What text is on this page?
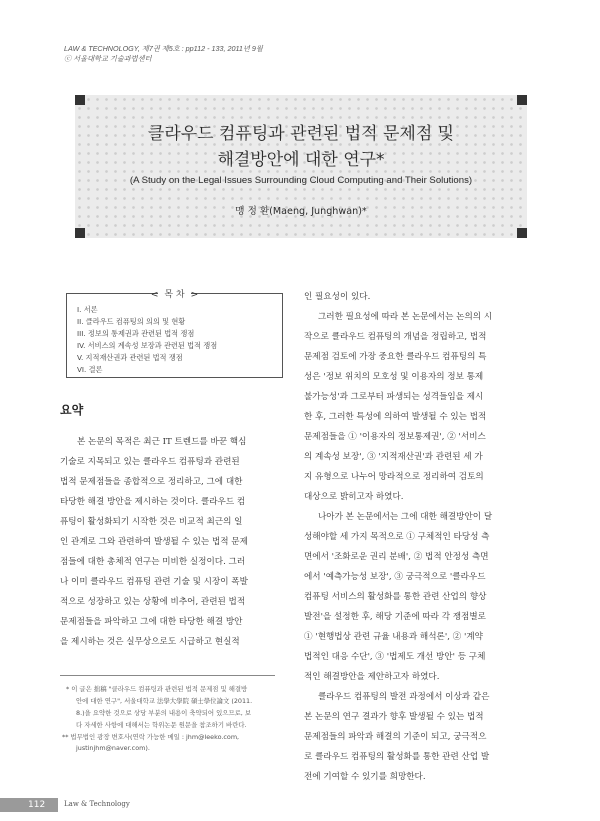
LAW & TECHNOLOGY, 제7권 제5호 : pp112 - 133, 2011년 9월
ⓒ 서울대학교 기술과법센터
클라우드 컴퓨팅과 관련된 법적 문제점 및
해결방안에 대한 연구*
(A Study on the Legal Issues Surrounding Cloud Computing and Their Solutions)
맹 정 환(Maeng, Junghwan)*
< 목 차 >
I. 서론
II. 클라우드 컴퓨팅의 의의 및 현황
III. 정보의 통제권과 관련된 법적 쟁점
IV. 서비스의 계속성 보장과 관련된 법적 쟁점
V. 지적재산권과 관련된 법적 쟁점
VI. 결론
요약
본 논문의 목적은 최근 IT 트렌드를 바꾼 핵심
기술로 지목되고 있는 클라우드 컴퓨팅과 관련된
법적 문제점들을 종합적으로 정리하고, 그에 대한
타당한 해결 방안을 제시하는 것이다. 클라우드 컴
퓨팅이 활성화되기 시작한 것은 비교적 최근의 일
인 관계로 그와 관련하여 발생될 수 있는 법적 문제
점들에 대한 총체적 연구는 미비한 실정이다. 그러
나 이미 클라우드 컴퓨팅 관련 기술 및 시장이 폭발
적으로 성장하고 있는 상황에 비추어, 관련된 법적
문제점들을 파악하고 그에 대한 타당한 해결 방안
을 제시하는 것은 실무상으로도 시급하고 현실적
인 필요성이 있다.
그러한 필요성에 따라 본 논문에서는 논의의 시
작으로 클라우드 컴퓨팅의 개념을 정립하고, 법적
문제점 검토에 가장 중요한 클라우드 컴퓨팅의 특
성은 '정보 위치의 모호성 및 이용자의 정보 통제
불가능성'과 그로부터 파생되는 성격들임을 제시
한 후, 그러한 특성에 의하여 발생될 수 있는 법적
문제점들을 ① '이용자의 정보통제권', ② '서비스
의 계속성 보장', ③ '지적재산권'과 관련된 세 가
지 유형으로 나누어 망라적으로 정리하여 검토의
대상으로 밝히고자 하였다.
나아가 본 논문에서는 그에 대한 해결방안이 달
성해야할 세 가지 목적으로 ① 구체적인 타당성 측
면에서 '조화로운 권리 분배', ② 법적 안정성 측면
에서 '예측가능성 보장', ③ 궁극적으로 '클라우드
컴퓨팅 서비스의 활성화를 통한 관련 산업의 향상
발전'을 설정한 후, 해당 기준에 따라 각 쟁점별로
① '현행법상 관련 규율 내용과 해석론', ② '계약
법적인 대응 수단', ③ '법제도 개선 방안' 등 구체
적인 해결방안을 제안하고자 하였다.
클라우드 컴퓨팅의 발전 과정에서 이상과 같은
본 논문의 연구 결과가 향후 발생될 수 있는 법적
문제점들의 파악과 해결의 기준이 되고, 궁극적으
로 클라우드 컴퓨팅의 활성화를 통한 관련 산업 발
전에 기여할 수 있기를 희망한다.
* 이 글은 拙稿 "클라우드 컴퓨팅과 관련된 법적 문제점 및 해결방
안에 대한 연구", 서울대학교 法學大學院 碩士學位論文 (2011.
8.)을 요약한 것으로 상당 부분의 내용이 축약되어 있으므로, 보
다 자세한 사항에 대해서는 학위논문 원문을 참조하기 바란다.
** 법무법인 광장 변호사(연락 가능한 메일 : jhm@leeko.com,
justinjhm@naver.com).
112	Law & Technology
